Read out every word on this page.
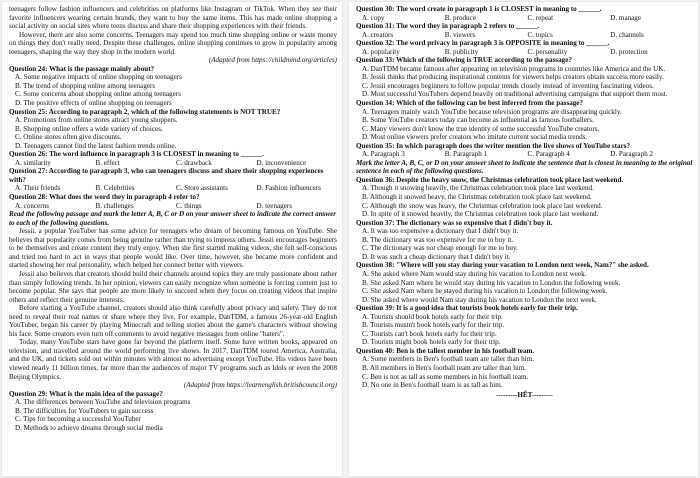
teenagers follow fashion influencers and celebrities on platforms like Instagram or TikTok. When they see their favorite influencers wearing certain brands, they want to buy the same items. This has made online shopping a social activity on social sites where teens discuss and share their shopping experiences with their friends.

However, there are also some concerns. Teenagers may spend too much time shopping online or waste money on things they don't really need. Despite these challenges, online shopping continues to grow in popularity among teenagers, shaping the way they shop in the modern world.

(Adapted from https://childmind.org/articles)

Question 24: What is the passage mainly about?

A. Some negative impacts of online shopping on teenagers

B. The trend of shopping online among teenagers

C. Some concerns about shopping online among teenagers

D. The positive effects of online shopping on teenagers

Question 25: According to paragraph 2, which of the following statements is NOT TRUE?

A. Promotions from online stores attract young shoppers.

B. Shopping online offers a wide variety of choices.

C. Online stores often give discounts.

D. Teenagers cannot find the latest fashion trends online.

Question 26: The word influence in paragraph 3 is CLOSEST in meaning to ______.

A. similarity	B. effect	C. drawback	D. inconvenience

Question 27: According to paragraph 3, who can teenagers discuss and share their shopping experiences with?

A. Their friends	B. Celebrities	C. Store assistants	D. Fashion influencers

Question 28: What does the word they in paragraph 4 refer to?

A. concerns	B. challenges	C. things	D. teenagers

Read the following passage and mark the letter A, B, C or D on your answer sheet to indicate the correct answer to each of the following questions.

Jessii, a popular YouTuber has some advice for teenagers who dream of becoming famous on YouTube. She believes that popularity comes from being genuine rather than trying to impress others. Jessii encourages beginners to be themselves and create content they truly enjoy. When she first started making videos, she felt self-conscious and tried too hard to act in ways that people would like. Over time, however, she became more confident and started showing her real personality, which helped her connect better with viewers.

Jessii also believes that creators should build their channels around topics they are truly passionate about rather than simply following trends. In her opinion, viewers can easily recognize when someone is forcing content just to become popular. She says that people are more likely to succeed when they focus on creating videos that inspire others and reflect their genuine interests.

Before starting a YouTube channel, creators should also think carefully about privacy and safety. They do not need to reveal their real names or share where they live. For example, DanTDM, a famous 26-year-old English YouTuber, began his career by playing Minecraft and telling stories about the game's characters without showing his face. Some creators even turn off comments to avoid negative messages from online "haters".

Today, many YouTube stars have gone far beyond the platform itself. Some have written books, appeared on television, and travelled around the world performing live shows. In 2017, DanTDM toured America, Australia, and the UK, and tickets sold out within minutes with almost no advertising except YouTube. His videos have been viewed nearly 11 billion times, far more than the audiences of major TV programs such as Idols or even the 2008 Beijing Olympics.

(Adapted from https://learnenglish.britishcouncil.org)

Question 29: What is the main idea of the passage?

A. The differences between YouTube and television programs

B. The difficulties for YouTubers to gain success

C. Tips for becoming a successful YouTuber

D. Methods to achieve dreams through social media

Question 30: The word create in paragraph 1 is CLOSEST in meaning to ______.

A. copy	B. produce	C. repeat	D. manage

Question 31: The word they in paragraph 2 refers to ______.

A. creators	B. viewers	C. topics	D. channels

Question 32: The word privacy in paragraph 3 is OPPOSITE in meaning to ______.

A. popularity	B. publicity	C. personality	D. protection

Question 33: Which of the following is TRUE according to the passage?

A. DanTDM became famous after appearing on television programs in countries like America and the UK.

B. Jessii thinks that producing inspirational contents for viewers helps creators obtain success more easily.

C. Jessii encourages beginners to follow popular trends closely instead of inventing fascinating videos.

D. Most successful YouTubers depend heavily on traditional advertising campaigns that support them most.

Question 34: Which of the following can be best inferred from the passage?

A. Teenagers mainly watch YouTube because television programs are disappearing quickly.

B. Some YouTube creators today can become as influential as famous footballers.

C. Many viewers don't know the true identity of some successful YouTube creators.

D. Most online viewers prefer creators who imitate current social media trends.

Question 35: In which paragraph does the writer mention the live shows of YouTube stars?

A. Paragraph 3	B. Paragraph 1	C. Paragraph 4	D. Paragraph 2

Mark the letter A, B, C, or D on your answer sheet to indicate the sentence that is closest in meaning to the original sentence in each of the following questions.

Question 36: Despite the heavy snow, the Christmas celebration took place last weekend.

A. Though it snowing heavily, the Christmas celebration took place last weekend.

B. Although it snowed heavy, the Christmas celebration took place last weekend.

C. Although the snow was heavy, the Christmas celebration took place last weekend.

D. In spite of it snowed heavily, the Christmas celebration took place last weekend.

Question 37: The dictionary was so expensive that I didn't buy it.

A. It was too expensive a dictionary that I didn't buy it.

B. The dictionary was too expensive for me to buy it.

C. The dictionary was not cheap enough for me to buy.

D. It was such a cheap dictionary that I didn't buy it.

Question 38: "Where will you stay during your vacation to London next week, Nam?" she asked.

A. She asked where Nam would stay during his vacation to London next week.

B. She asked Nam where he would stay during his vacation to London the following week.

C. She asked Nam where he stayed during his vacation to London the following week.

D. She asked where would Nam stay during his vacation to London the next week.

Question 39: It is a good idea that tourists book hotels early for their trip.

A. Tourists should book hotels early for their trip.

B. Tourists mustn't book hotels early for their trip.

C. Tourists can't book hotels early for their trip.

D. Tourists might book hotels early for their trip.

Question 40: Ben is the tallest member in his football team.

A. Some members in Ben's football team are taller than him.

B. All members in Ben's football team are taller than him.

C. Ben is not as tall as some members in his football team.

D. No one in Ben's football team is as tall as him.

---------HẾT---------
